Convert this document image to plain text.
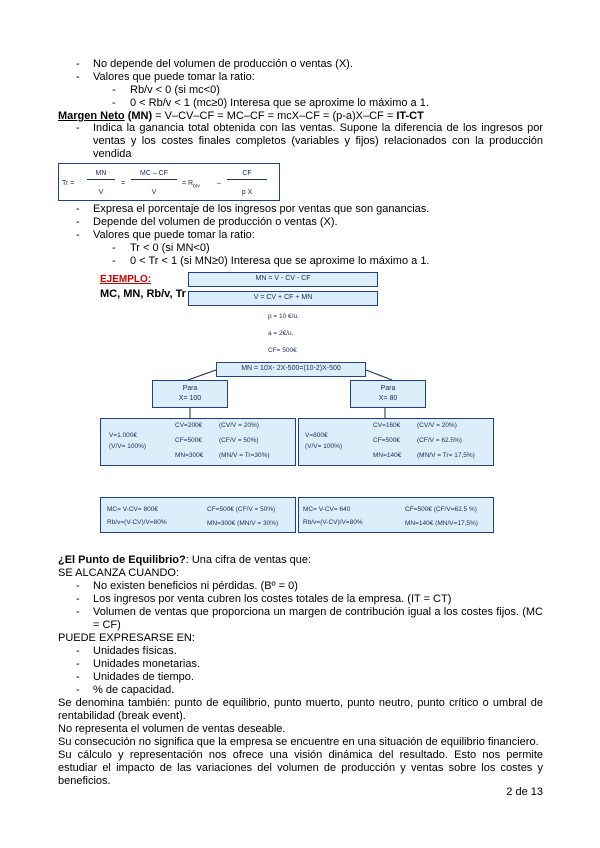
- No depende del volumen de producción o ventas (X).
- Valores que puede tomar la ratio:
- Rb/v < 0 (si mc<0)
- 0 < Rb/v < 1 (mc≥0) Interesa que se aproxime lo máximo a 1.
Margen Neto (MN) = V–CV–CF = MC–CF = mcX–CF = (p-a)X–CF = IT-CT
- Indica la ganancia total obtenida con las ventas. Supone la diferencia de los ingresos por ventas y los costes finales completos (variables y fijos) relacionados con la producción vendida
Tr =
MN
V
=
MC – CF
V
= $R_{b/v}$ –
CF
p X
- Expresa el porcentaje de los ingresos por ventas que son ganancias.
- Depende del volumen de producción o ventas (X).
- Valores que puede tomar la ratio:
- Tr < 0 (si MN<0)
- 0 < Tr < 1 (si MN≥0) Interesa que se aproxime lo máximo a 1.
EJEMPLO:
MC, MN, Rb/v, Tr
MN = V - CV - CF
V = CV + CF + MN
p = 10 €/u.
a = 2€/u.
CF= 500€
MN = 10X- 2X-500=(10-2)X-500
Para
X= 100
Para
X= 80
V=1.000€
(V/V= 100%)
CV=200€	(CV/V = 20%)
CF=500€	(CF/V = 50%)
MN=300€ (MN/V = Tr=30%)
V=800€
(V/V= 100%)
CV=160€	(CV/V = 20%)
CF=500€	(CF/V = 62.5%)
MN=140€ (MN/V = Tr= 17,5%)
MC= V-CV= 800€
Rb/v=(V-CV)/V=80%
CF=500€ (CF/V = 50%)
MN=300€ (MN/V = 30%)
MC= V-CV= 640
Rb/v=(V-CV)/V=80%
CF=500€ (CF/V=62.5 %)
MN=140€ (MN/V=17,5%)
¿El Punto de Equilibrio?: Una cifra de ventas que:
SE ALCANZA CUANDO:
- No existen beneficios ni pérdidas. (Bº = 0)
- Los ingresos por venta cubren los costes totales de la empresa. (IT = CT)
- Volumen de ventas que proporciona un margen de contribución igual a los costes fijos. (MC = CF)
PUEDE EXPRESARSE EN:
- Unidades físicas.
- Unidades monetarias.
- Unidades de tiempo.
- % de capacidad.
Se denomina también: punto de equilibrio, punto muerto, punto neutro, punto crítico o umbral de rentabilidad (break event).
No representa el volumen de ventas deseable.
Su consecución no significa que la empresa se encuentre en una situación de equilibrio financiero.
Su cálculo y representación nos ofrece una visión dinámica del resultado. Esto nos permite estudiar el impacto de las variaciones del volumen de producción y ventas sobre los costes y beneficios.
2 de 13
